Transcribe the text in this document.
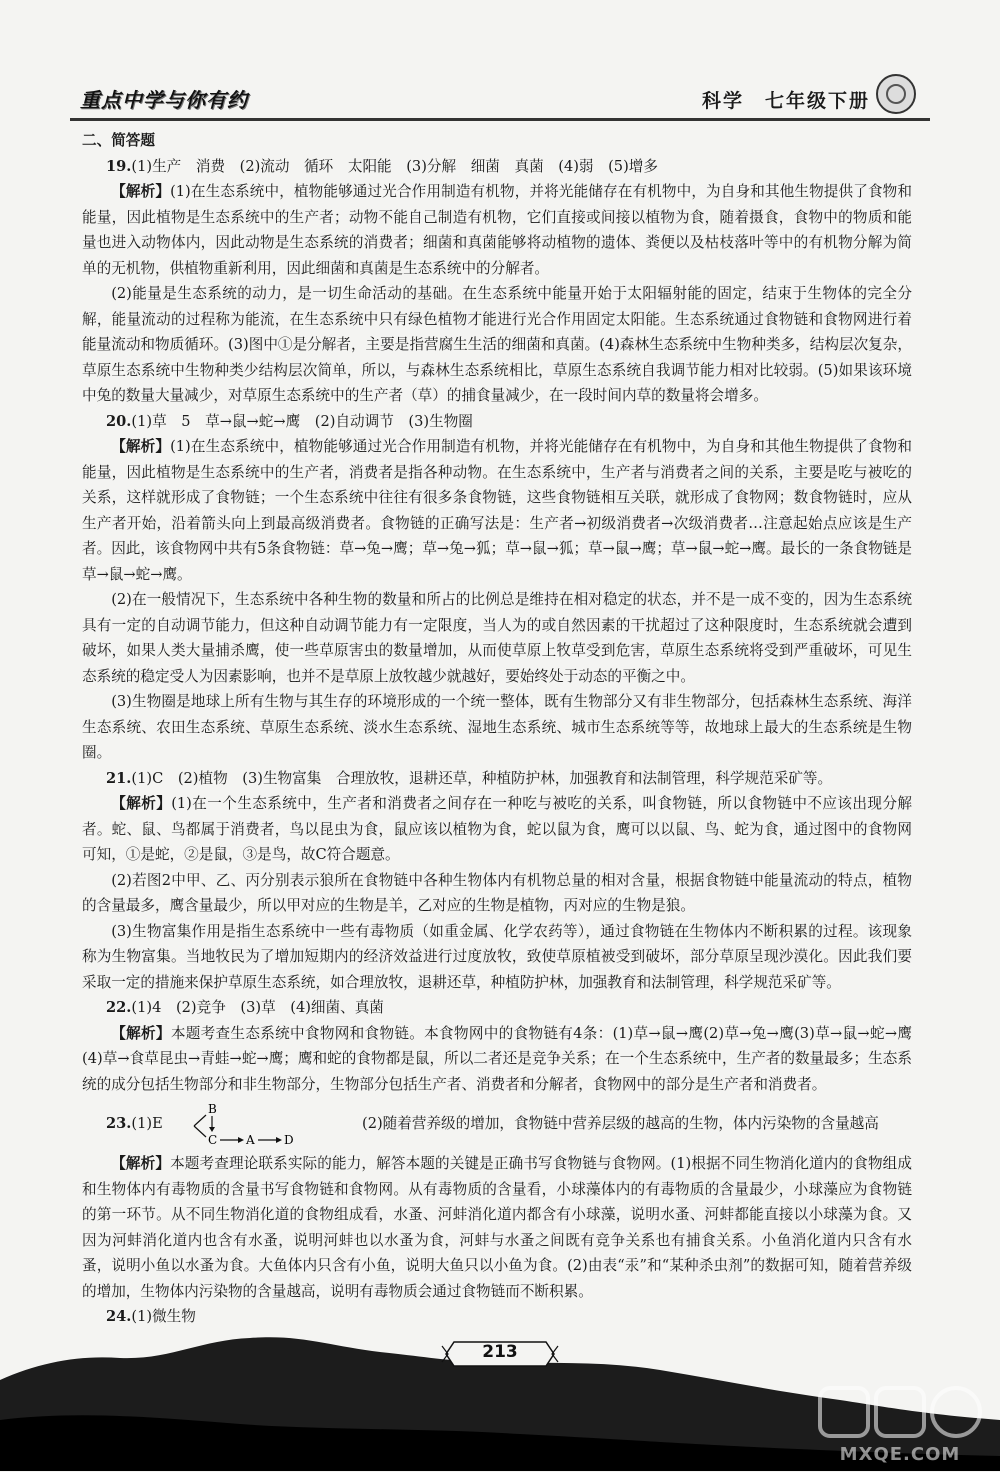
重点中学与你有约	科学　七年级下册

二、简答题

19.(1)生产　消费　(2)流动　循环　太阳能　(3)分解　细菌　真菌　(4)弱　(5)增多

【解析】(1)在生态系统中，植物能够通过光合作用制造有机物，并将光能储存在有机物中，为自身和其他生物提供了食物和能量，因此植物是生态系统中的生产者；动物不能自己制造有机物，它们直接或间接以植物为食，随着摄食，食物中的物质和能量也进入动物体内，因此动物是生态系统的消费者；细菌和真菌能够将动植物的遗体、粪便以及枯枝落叶等中的有机物分解为简单的无机物，供植物重新利用，因此细菌和真菌是生态系统中的分解者。

(2)能量是生态系统的动力，是一切生命活动的基础。在生态系统中能量开始于太阳辐射能的固定，结束于生物体的完全分解，能量流动的过程称为能流，在生态系统中只有绿色植物才能进行光合作用固定太阳能。生态系统通过食物链和食物网进行着能量流动和物质循环。(3)图中①是分解者，主要是指营腐生生活的细菌和真菌。(4)森林生态系统中生物种类多，结构层次复杂，草原生态系统中生物种类少结构层次简单，所以，与森林生态系统相比，草原生态系统自我调节能力相对比较弱。(5)如果该环境中兔的数量大量减少，对草原生态系统中的生产者（草）的捕食量减少，在一段时间内草的数量将会增多。

20.(1)草　5　草→鼠→蛇→鹰　(2)自动调节　(3)生物圈

【解析】(1)在生态系统中，植物能够通过光合作用制造有机物，并将光能储存在有机物中，为自身和其他生物提供了食物和能量，因此植物是生态系统中的生产者，消费者是指各种动物。在生态系统中，生产者与消费者之间的关系，主要是吃与被吃的关系，这样就形成了食物链；一个生态系统中往往有很多条食物链，这些食物链相互关联，就形成了食物网；数食物链时，应从生产者开始，沿着箭头向上到最高级消费者。食物链的正确写法是：生产者→初级消费者→次级消费者…注意起始点应该是生产者。因此，该食物网中共有5条食物链：草→兔→鹰；草→兔→狐；草→鼠→狐；草→鼠→鹰；草→鼠→蛇→鹰。最长的一条食物链是草→鼠→蛇→鹰。

(2)在一般情况下，生态系统中各种生物的数量和所占的比例总是维持在相对稳定的状态，并不是一成不变的，因为生态系统具有一定的自动调节能力，但这种自动调节能力有一定限度，当人为的或自然因素的干扰超过了这种限度时，生态系统就会遭到破坏，如果人类大量捕杀鹰，使一些草原害虫的数量增加，从而使草原上牧草受到危害，草原生态系统将受到严重破坏，可见生态系统的稳定受人为因素影响，也并不是草原上放牧越少就越好，要始终处于动态的平衡之中。

(3)生物圈是地球上所有生物与其生存的环境形成的一个统一整体，既有生物部分又有非生物部分，包括森林生态系统、海洋生态系统、农田生态系统、草原生态系统、淡水生态系统、湿地生态系统、城市生态系统等等，故地球上最大的生态系统是生物圈。

21.(1)C　(2)植物　(3)生物富集　合理放牧，退耕还草，种植防护林，加强教育和法制管理，科学规范采矿等。

【解析】(1)在一个生态系统中，生产者和消费者之间存在一种吃与被吃的关系，叫食物链，所以食物链中不应该出现分解者。蛇、鼠、鸟都属于消费者，鸟以昆虫为食，鼠应该以植物为食，蛇以鼠为食，鹰可以以鼠、鸟、蛇为食，通过图中的食物网可知，①是蛇，②是鼠，③是鸟，故C符合题意。

(2)若图2中甲、乙、丙分别表示狼所在食物链中各种生物体内有机物总量的相对含量，根据食物链中能量流动的特点，植物的含量最多，鹰含量最少，所以甲对应的生物是羊，乙对应的生物是植物，丙对应的生物是狼。

(3)生物富集作用是指生态系统中一些有毒物质（如重金属、化学农药等），通过食物链在生物体内不断积累的过程。该现象称为生物富集。当地牧民为了增加短期内的经济效益进行过度放牧，致使草原植被受到破坏，部分草原呈现沙漠化。因此我们要采取一定的措施来保护草原生态系统，如合理放牧，退耕还草，种植防护林，加强教育和法制管理，科学规范采矿等。

22.(1)4　(2)竞争　(3)草　(4)细菌、真菌

【解析】本题考查生态系统中食物网和食物链。本食物网中的食物链有4条：(1)草→鼠→鹰(2)草→兔→鹰(3)草→鼠→蛇→鹰(4)草→食草昆虫→青蛙→蛇→鹰；鹰和蛇的食物都是鼠，所以二者还是竞争关系；在一个生态系统中，生产者的数量最多；生态系统的成分包括生物部分和非生物部分，生物部分包括生产者、消费者和分解者，食物网中的部分是生产者和消费者。

23.(1)E
B
C A D
(2)随着营养级的增加，食物链中营养层级的越高的生物，体内污染物的含量越高

【解析】本题考查理论联系实际的能力，解答本题的关键是正确书写食物链与食物网。(1)根据不同生物消化道内的食物组成和生物体内有毒物质的含量书写食物链和食物网。从有毒物质的含量看，小球藻体内的有毒物质的含量最少，小球藻应为食物链的第一环节。从不同生物消化道的食物组成看，水蚤、河蚌消化道内都含有小球藻，说明水蚤、河蚌都能直接以小球藻为食。又因为河蚌消化道内也含有水蚤，说明河蚌也以水蚤为食，河蚌与水蚤之间既有竞争关系也有捕食关系。小鱼消化道内只含有水蚤，说明小鱼以水蚤为食。大鱼体内只含有小鱼，说明大鱼只以小鱼为食。(2)由表“汞”和“某种杀虫剂”的数据可知，随着营养级的增加，生物体内污染物的含量越高，说明有毒物质会通过食物链而不断积累。

24.(1)微生物

213
MXQE.COM
